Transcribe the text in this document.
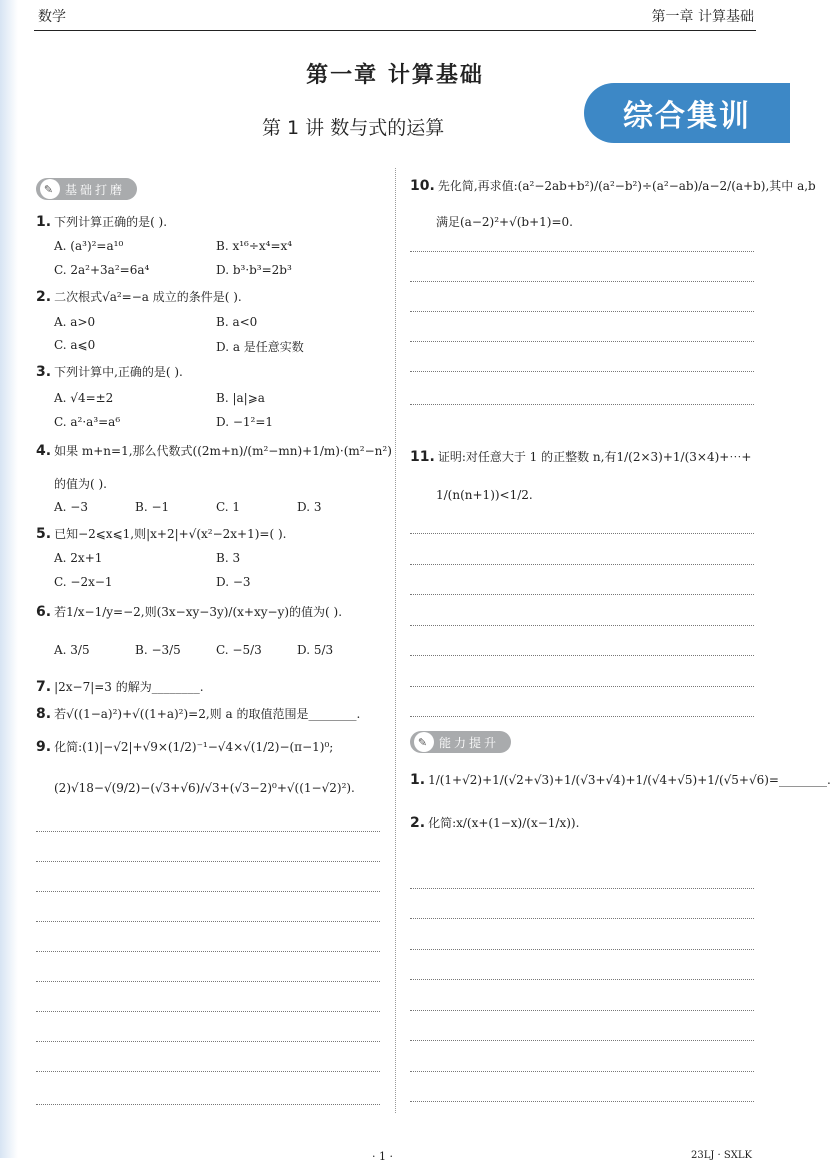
数学	第一章 计算基础
第一章 计算基础
第 1 讲 数与式的运算	综合集训
✎ 基础打磨
1. 下列计算正确的是( ).
A. (a³)²=a¹⁰	B. x¹⁶÷x⁴=x⁴
C. 2a²+3a²=6a⁴	D. b³·b³=2b³
2. 二次根式√a²=−a 成立的条件是( ).
A. a>0	B. a<0
C. a⩽0	D. a 是任意实数
3. 下列计算中,正确的是( ).
A. √4=±2	B. |a|⩾a
C. a²·a³=a⁶	D. −1²=1
4. 如果 m+n=1,那么代数式((2m+n)/(m²−mn)+1/m)·(m²−n²)
的值为( ).
A. −3	B. −1	C. 1	D. 3
5. 已知−2⩽x⩽1,则|x+2|+√(x²−2x+1)=( ).
A. 2x+1	B. 3
C. −2x−1	D. −3
6. 若1/x−1/y=−2,则(3x−xy−3y)/(x+xy−y)的值为( ).
A. 3/5	B. −3/5	C. −5/3	D. 5/3
7. |2x−7|=3 的解为________.
8. 若√((1−a)²)+√((1+a)²)=2,则 a 的取值范围是________.
9. 化简:(1)|−√2|+√9×(1/2)⁻¹−√4×√(1/2)−(π−1)⁰;
(2)√18−√(9/2)−(√3+√6)/√3+(√3−2)⁰+√((1−√2)²).
10. 先化简,再求值:(a²−2ab+b²)/(a²−b²)÷(a²−ab)/a−2/(a+b),其中 a,b
满足(a−2)²+√(b+1)=0.
11. 证明:对任意大于 1 的正整数 n,有1/(2×3)+1/(3×4)+⋯+
1/(n(n+1))<1/2.
✎ 能力提升
1. 1/(1+√2)+1/(√2+√3)+1/(√3+√4)+1/(√4+√5)+1/(√5+√6)=________.
2. 化简:x/(x+(1−x)/(x−1/x)).
· 1 ·	23LJ · SXLK
